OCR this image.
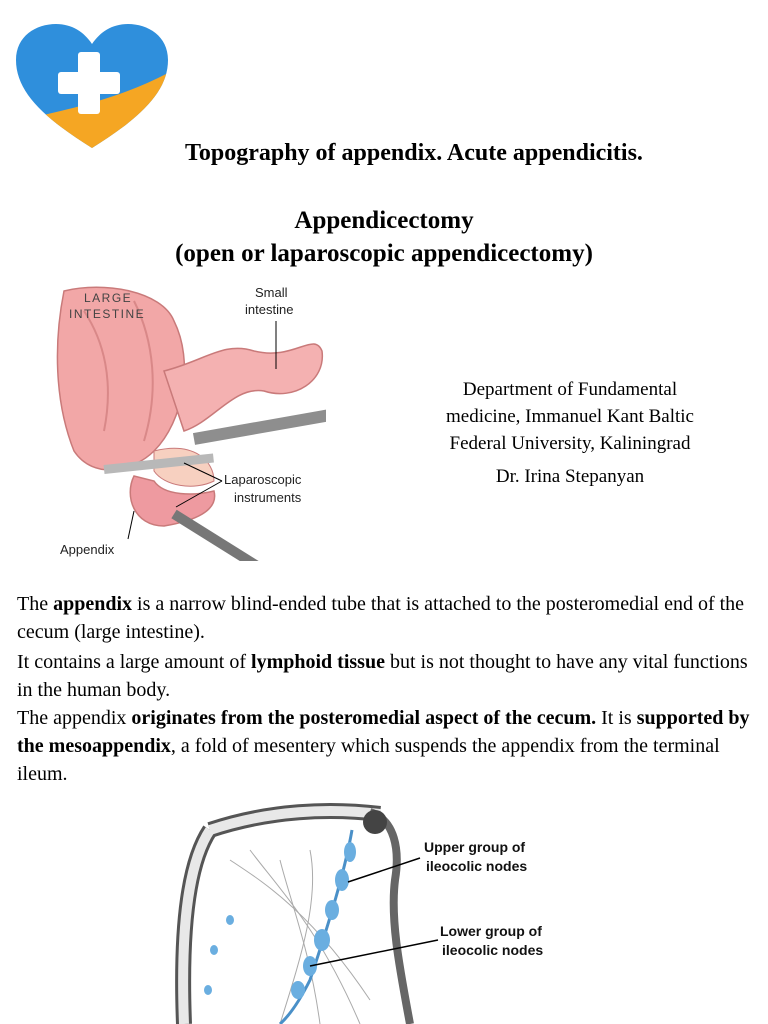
Topography of appendix. Acute appendicitis.
Appendicectomy
(open or laparoscopic appendicectomy)
LARGE
INTESTINE
Small
intestine
Laparoscopic
instruments
Appendix
Department of Fundamental
medicine, Immanuel Kant Baltic
Federal University, Kaliningrad
Dr. Irina Stepanyan
The appendix is a narrow blind-ended tube that is attached to the posteromedial end of the cecum (large intestine).
It contains a large amount of lymphoid tissue but is not thought to have any vital functions in the human body.
The appendix originates from the posteromedial aspect of the cecum. It is supported by the mesoappendix, a fold of mesentery which suspends the appendix from the terminal ileum.
Upper group of
ileocolic nodes
Lower group of
ileocolic nodes
